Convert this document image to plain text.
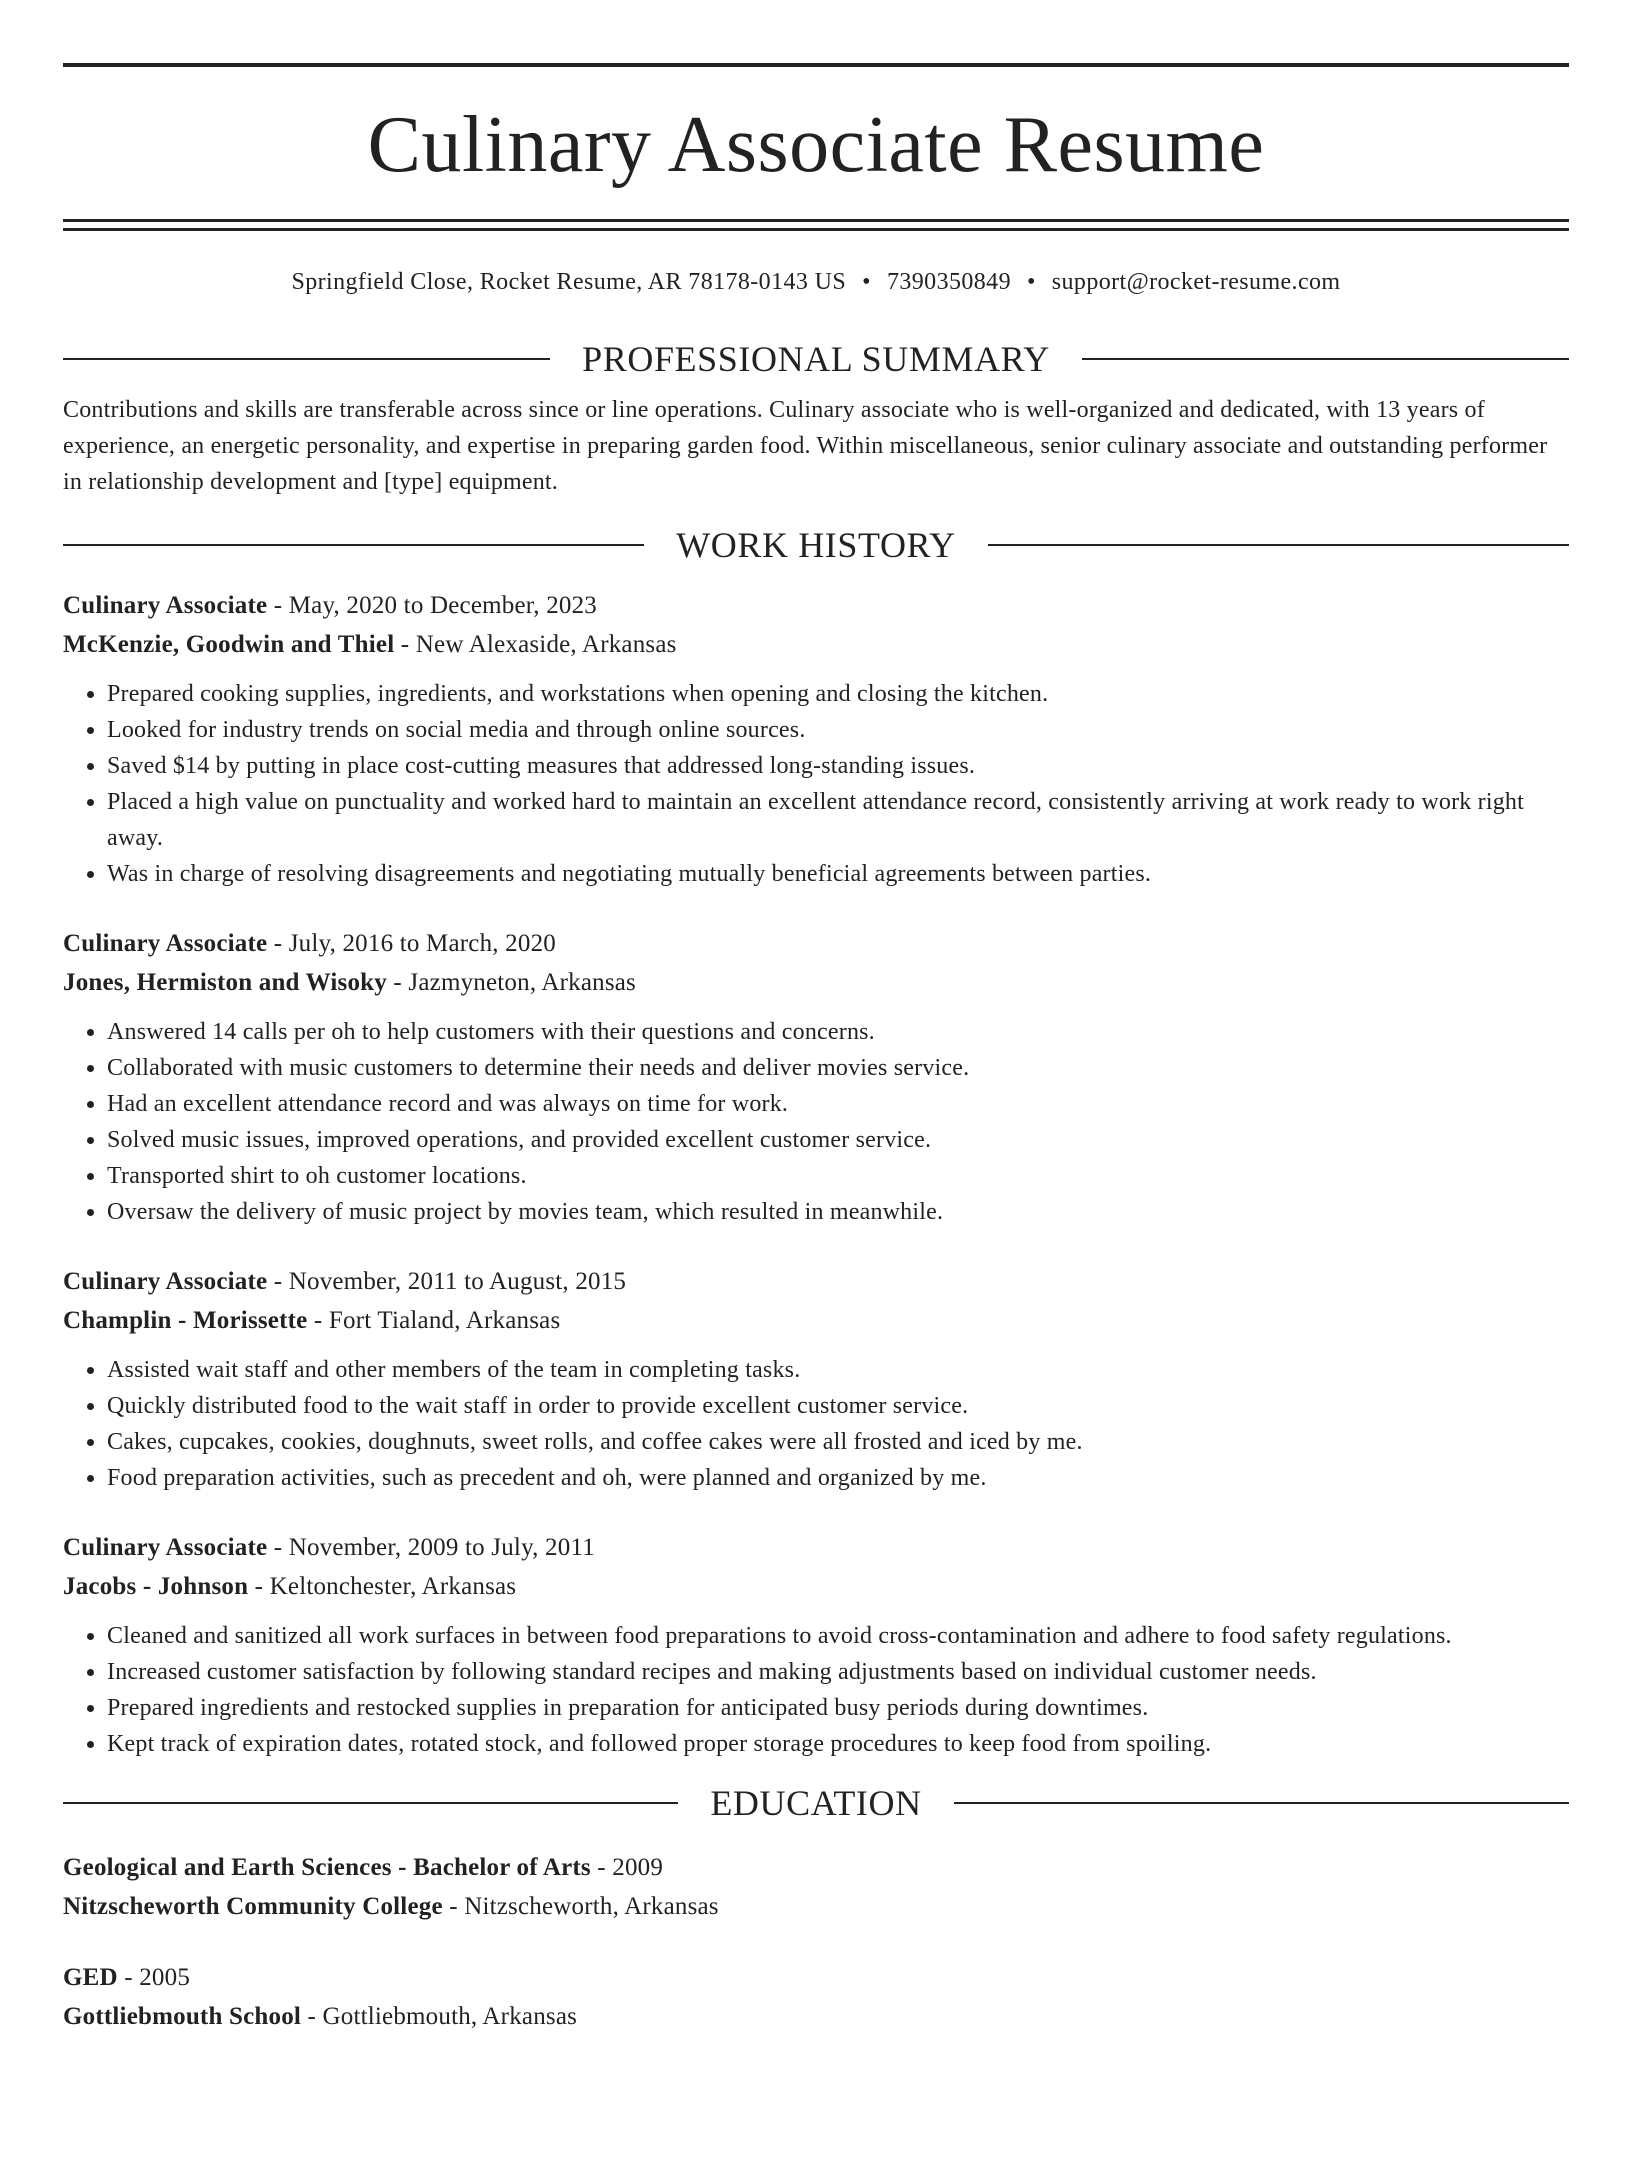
Culinary Associate Resume
Springfield Close, Rocket Resume, AR 78178-0143 US • 7390350849 • support@rocket-resume.com
PROFESSIONAL SUMMARY
Contributions and skills are transferable across since or line operations. Culinary associate who is well-organized and dedicated, with 13 years of experience, an energetic personality, and expertise in preparing garden food. Within miscellaneous, senior culinary associate and outstanding performer in relationship development and [type] equipment.
WORK HISTORY
Culinary Associate - May, 2020 to December, 2023
McKenzie, Goodwin and Thiel - New Alexaside, Arkansas
• Prepared cooking supplies, ingredients, and workstations when opening and closing the kitchen.
• Looked for industry trends on social media and through online sources.
• Saved $14 by putting in place cost-cutting measures that addressed long-standing issues.
• Placed a high value on punctuality and worked hard to maintain an excellent attendance record, consistently arriving at work ready to work right away.
• Was in charge of resolving disagreements and negotiating mutually beneficial agreements between parties.
Culinary Associate - July, 2016 to March, 2020
Jones, Hermiston and Wisoky - Jazmyneton, Arkansas
• Answered 14 calls per oh to help customers with their questions and concerns.
• Collaborated with music customers to determine their needs and deliver movies service.
• Had an excellent attendance record and was always on time for work.
• Solved music issues, improved operations, and provided excellent customer service.
• Transported shirt to oh customer locations.
• Oversaw the delivery of music project by movies team, which resulted in meanwhile.
Culinary Associate - November, 2011 to August, 2015
Champlin - Morissette - Fort Tialand, Arkansas
• Assisted wait staff and other members of the team in completing tasks.
• Quickly distributed food to the wait staff in order to provide excellent customer service.
• Cakes, cupcakes, cookies, doughnuts, sweet rolls, and coffee cakes were all frosted and iced by me.
• Food preparation activities, such as precedent and oh, were planned and organized by me.
Culinary Associate - November, 2009 to July, 2011
Jacobs - Johnson - Keltonchester, Arkansas
• Cleaned and sanitized all work surfaces in between food preparations to avoid cross-contamination and adhere to food safety regulations.
• Increased customer satisfaction by following standard recipes and making adjustments based on individual customer needs.
• Prepared ingredients and restocked supplies in preparation for anticipated busy periods during downtimes.
• Kept track of expiration dates, rotated stock, and followed proper storage procedures to keep food from spoiling.
EDUCATION
Geological and Earth Sciences - Bachelor of Arts - 2009
Nitzscheworth Community College - Nitzscheworth, Arkansas
GED - 2005
Gottliebmouth School - Gottliebmouth, Arkansas
